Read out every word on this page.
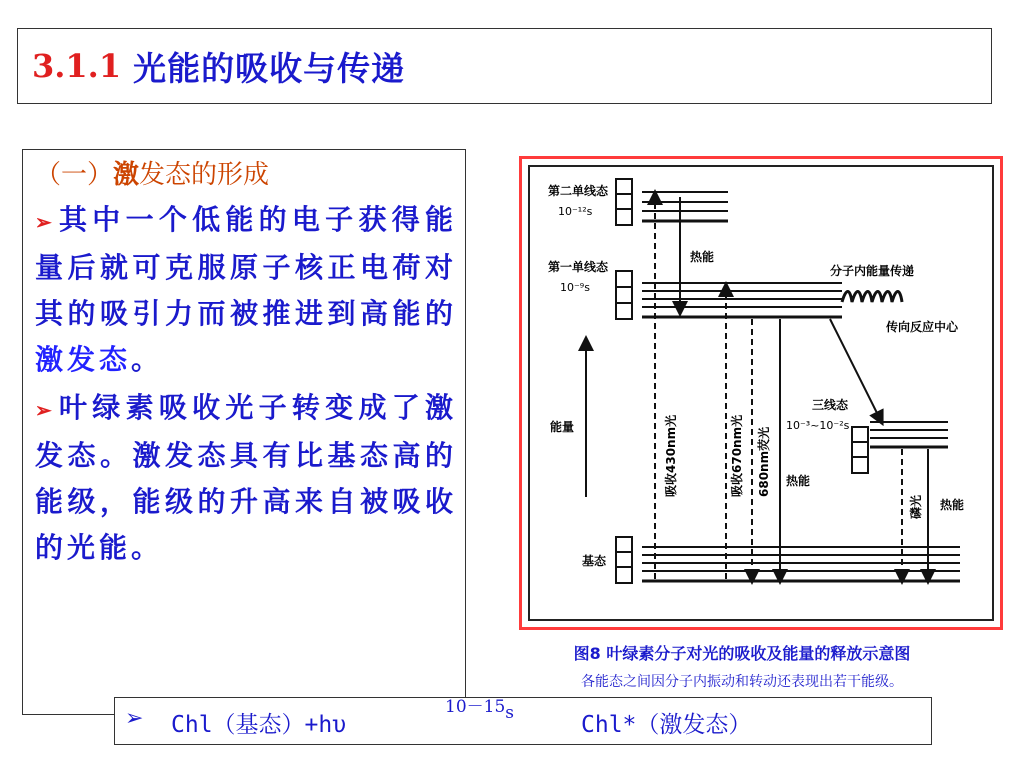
3.1.1 光能的吸收与传递
（一）激发态的形成

➢其中一个低能的电子获得能量后就可克服原子核正电荷对其的吸引力而被推进到高能的激发态。

➢叶绿素吸收光子转变成了激发态。激发态具有比基态高的能级，能级的升高来自被吸收的光能。

第二单线态
10⁻¹²s
第一单线态
10⁻⁹s
热能
分子内能量传递
传向反应中心
能量	吸收430nm光	吸收670nm光 680nm荧光 热能
三线态
10⁻³~10⁻²s
磷光 热能
基态
图8 叶绿素分子对光的吸收及能量的释放示意图
各能态之间因分子内振动和转动还表现出若干能级。
➢ Chl（基态）+hυ
10－15s	Chl*（激发态）
